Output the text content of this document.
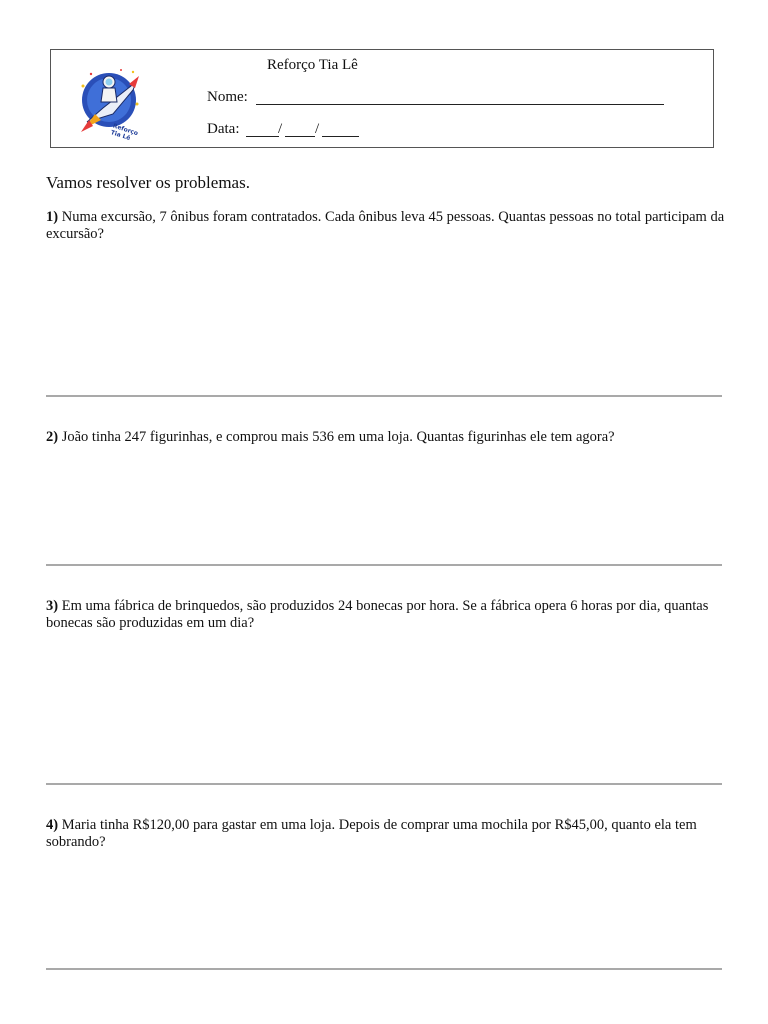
Reforço Tia Lê
Reforço Tia Lê
Nome:
Data:	/ /
Vamos resolver os problemas.
1) Numa excursão, 7 ônibus foram contratados. Cada ônibus leva 45 pessoas. Quantas pessoas no total participam da excursão?
2) João tinha 247 figurinhas, e comprou mais 536 em uma loja. Quantas figurinhas ele tem agora?
3) Em uma fábrica de brinquedos, são produzidos 24 bonecas por hora. Se a fábrica opera 6 horas por dia, quantas bonecas são produzidas em um dia?
4) Maria tinha R$120,00 para gastar em uma loja. Depois de comprar uma mochila por R$45,00, quanto ela tem sobrando?
